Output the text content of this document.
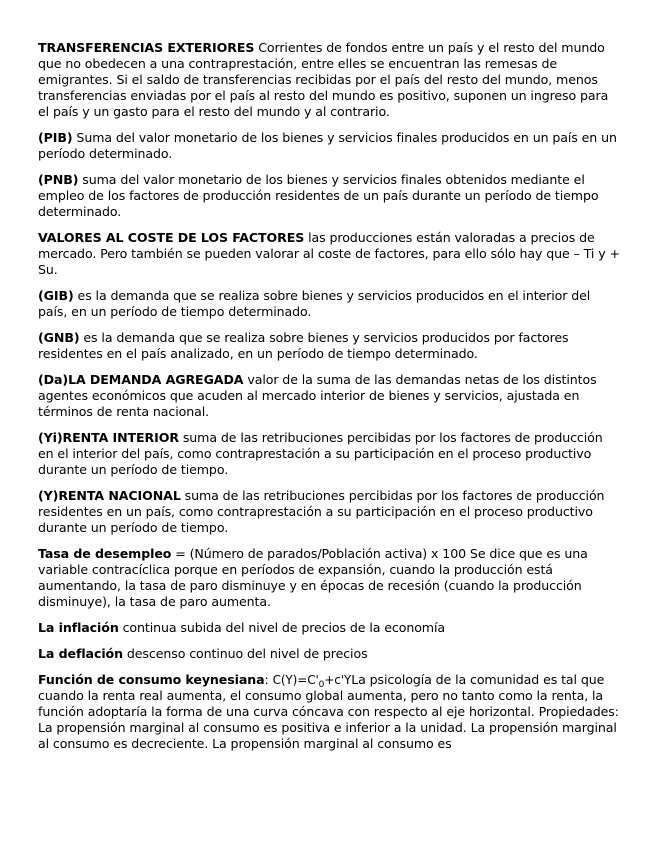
TRANSFERENCIAS EXTERIORES Corrientes de fondos entre un país y el resto del mundo que no obedecen a una contraprestación, entre elles se encuentran las remesas de emigrantes. Si el saldo de transferencias recibidas por el país del resto del mundo, menos transferencias enviadas por el país al resto del mundo es positivo, suponen un ingreso para el país y un gasto para el resto del mundo y al contrario.

(PIB) Suma del valor monetario de los bienes y servicios finales producidos en un país en un período determinado.

(PNB) suma del valor monetario de los bienes y servicios finales obtenidos mediante el empleo de los factores de producción residentes de un país durante un período de tiempo determinado.

VALORES AL COSTE DE LOS FACTORES las producciones están valoradas a precios de mercado. Pero también se pueden valorar al coste de factores, para ello sólo hay que – Ti y + Su.

(GIB) es la demanda que se realiza sobre bienes y servicios producidos en el interior del país, en un período de tiempo determinado.

(GNB) es la demanda que se realiza sobre bienes y servicios producidos por factores residentes en el país analizado, en un período de tiempo determinado.

(Da)LA DEMANDA AGREGADA valor de la suma de las demandas netas de los distintos agentes económicos que acuden al mercado interior de bienes y servicios, ajustada en términos de renta nacional.

(Yi)RENTA INTERIOR suma de las retribuciones percibidas por los factores de producción en el interior del país, como contraprestación a su participación en el proceso productivo durante un período de tiempo.

(Y)RENTA NACIONAL suma de las retribuciones percibidas por los factores de producción residentes en un país, como contraprestación a su participación en el proceso productivo durante un período de tiempo.

Tasa de desempleo = (Número de parados/Población activa) x 100 Se dice que es una variable contracíclica porque en períodos de expansión, cuando la producción está aumentando, la tasa de paro disminuye y en épocas de recesión (cuando la producción disminuye), la tasa de paro aumenta.

La inflación continua subida del nivel de precios de la economía

La deflación descenso continuo del nivel de precios

Función de consumo keynesiana: $C(Y)=C'_0+c'YLa$ psicología de la comunidad es tal que cuando la renta real aumenta, el consumo global aumenta, pero no tanto como la renta, la función adoptaría la forma de una curva cóncava con respecto al eje horizontal. Propiedades: La propensión marginal al consumo es positiva e inferior a la unidad. La propensión marginal al consumo es decreciente. La propensión marginal al consumo es
